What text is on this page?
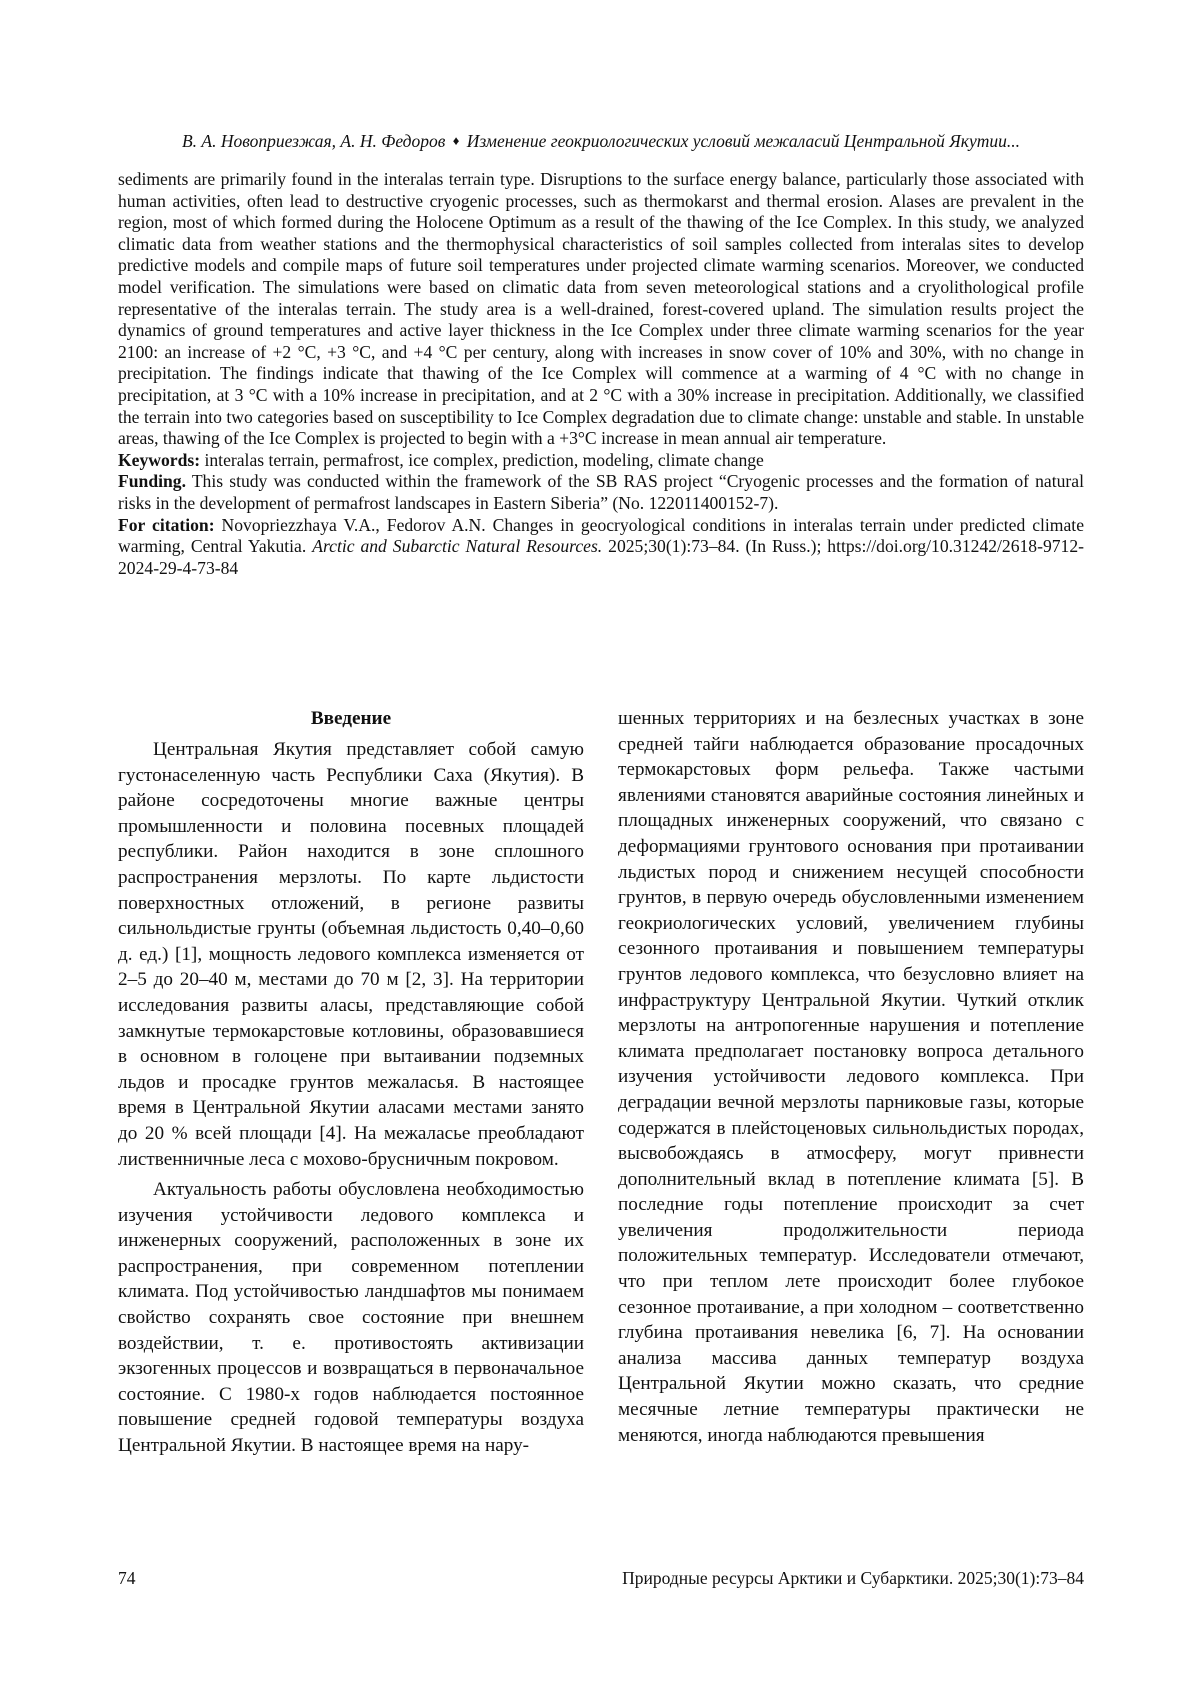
В. А. Новоприезжая, А. Н. Федоров ♦ Изменение геокриологических условий межаласий Центральной Якутии...

sediments are primarily found in the interalas terrain type. Disruptions to the surface energy balance, particularly those associated with human activities, often lead to destructive cryogenic processes, such as thermokarst and thermal erosion. Alases are prevalent in the region, most of which formed during the Holocene Optimum as a result of the thawing of the Ice Complex. In this study, we analyzed climatic data from weather stations and the thermophysical characteristics of soil samples collected from interalas sites to develop predictive models and compile maps of future soil temperatures under projected climate warming scenarios. Moreover, we conducted model verification. The simulations were based on climatic data from seven meteorological stations and a cryolithological profile representative of the interalas terrain. The study area is a well-drained, forest-covered upland. The simulation results project the dynamics of ground temperatures and active layer thickness in the Ice Complex under three climate warming scenarios for the year 2100: an increase of +2 °C, +3 °C, and +4 °C per century, along with increases in snow cover of 10% and 30%, with no change in precipitation. The findings indicate that thawing of the Ice Complex will commence at a warming of 4 °C with no change in precipitation, at 3 °C with a 10% increase in precipitation, and at 2 °C with a 30% increase in precipitation. Additionally, we classified the terrain into two categories based on susceptibility to Ice Complex degradation due to climate change: unstable and stable. In unstable areas, thawing of the Ice Complex is projected to begin with a +3°C increase in mean annual air temperature.

Keywords: interalas terrain, permafrost, ice complex, prediction, modeling, climate change

Funding. This study was conducted within the framework of the SB RAS project “Cryogenic processes and the formation of natural risks in the development of permafrost landscapes in Eastern Siberia” (No. 122011400152-7).

For citation: Novopriezzhaya V.A., Fedorov A.N. Changes in geocryological conditions in interalas terrain under predicted climate warming, Central Yakutia. Arctic and Subarctic Natural Resources. 2025;30(1):73–84. (In Russ.); https://doi.org/10.31242/2618-9712-2024-29-4-73-84

Введение

Центральная Якутия представляет собой самую густонаселенную часть Республики Саха (Якутия). В районе сосредоточены многие важные центры промышленности и половина посевных площадей республики. Район находится в зоне сплошного распространения мерзлоты. По карте льдистости поверхностных отложений, в регионе развиты сильнольдистые грунты (объемная льдистость 0,40–0,60 д. ед.) [1], мощность ледового комплекса изменяется от 2–5 до 20–40 м, местами до 70 м [2, 3]. На территории исследования развиты аласы, представляющие собой замкнутые термокарстовые котловины, образовавшиеся в основном в голоцене при вытаивании подземных льдов и просадке грунтов межаласья. В настоящее время в Центральной Якутии аласами местами занято до 20 % всей площади [4]. На межаласье преобладают лиственничные леса с мохово-брусничным покровом.

Актуальность работы обусловлена необходимостью изучения устойчивости ледового комплекса и инженерных сооружений, расположенных в зоне их распространения, при современном потеплении климата. Под устойчивостью ландшафтов мы понимаем свойство сохранять свое состояние при внешнем воздействии, т. е. противостоять активизации экзогенных процессов и возвращаться в первоначальное состояние. С 1980-х годов наблюдается постоянное повышение средней годовой температуры воздуха Центральной Якутии. В настоящее время на нару-

шенных территориях и на безлесных участках в зоне средней тайги наблюдается образование просадочных термокарстовых форм рельефа. Также частыми явлениями становятся аварийные состояния линейных и площадных инженерных сооружений, что связано с деформациями грунтового основания при протаивании льдистых пород и снижением несущей способности грунтов, в первую очередь обусловленными изменением геокриологических условий, увеличением глубины сезонного протаивания и повышением температуры грунтов ледового комплекса, что безусловно влияет на инфраструктуру Центральной Якутии. Чуткий отклик мерзлоты на антропогенные нарушения и потепление климата предполагает постановку вопроса детального изучения устойчивости ледового комплекса. При деградации вечной мерзлоты парниковые газы, которые содержатся в плейстоценовых сильнольдистых породах, высвобождаясь в атмосферу, могут привнести дополнительный вклад в потепление климата [5]. В последние годы потепление происходит за счет увеличения продолжительности периода положительных температур. Исследователи отмечают, что при теплом лете происходит более глубокое сезонное протаивание, а при холодном – соответственно глубина протаивания невелика [6, 7]. На основании анализа массива данных температур воздуха Центральной Якутии можно сказать, что средние месячные летние температуры практически не меняются, иногда наблюдаются превышения

74	Природные ресурсы Арктики и Субарктики. 2025;30(1):73–84
